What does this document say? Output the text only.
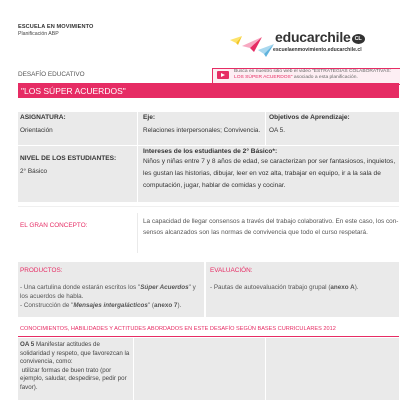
ESCUELA EN MOVIMIENTO
Planificación ABP	educarchile CL
escuelaenmovimiento.educarchile.cl
DESAFÍO EDUCATIVO	Busca en nuestro sitio web el video "ESTRATEGIAS COLABORATIVAS:
LOS SÚPER ACUERDOS" asociado a esta planificación.
"LOS SÚPER ACUERDOS"
ASIGNATURA:
Orientación
Eje:
Relaciones interpersonales; Convivencia.
Objetivos de Aprendizaje:
OA 5.
NIVEL DE LOS ESTUDIANTES:
2° Básico
Intereses de los estudiantes de 2° Básico*:
Niños y niñas entre 7 y 8 años de edad, se caracterizan por ser fantasiosos, inquietos,
les gustan las historias, dibujar, leer en voz alta, trabajar en equipo, ir a la sala de
computación, jugar, hablar de comidas y cocinar.
EL GRAN CONCEPTO:
La capacidad de llegar consensos a través del trabajo colaborativo. En este caso, los con-
sensos alcanzados son las normas de convivencia que todo el curso respetará.
PRODUCTOS:
- Una cartulina donde estarán escritos los "Súper Acuerdos" y
los acuerdos de habla.
- Construcción de "Mensajes intergalácticos" (anexo 7).
EVALUACIÓN:
- Pautas de autoevaluación trabajo grupal (anexo A).
CONOCIMIENTOS, HABILIDADES Y ACTITUDES ABORDADOS EN ESTE DESAFÍO SEGÚN BASES CURRICULARES 2012
OA 5 Manifestar actitudes de
solidaridad y respeto, que favorezcan la
convivencia, como:
utilizar formas de buen trato (por
ejemplo, saludar, despedirse, pedir por
favor).
